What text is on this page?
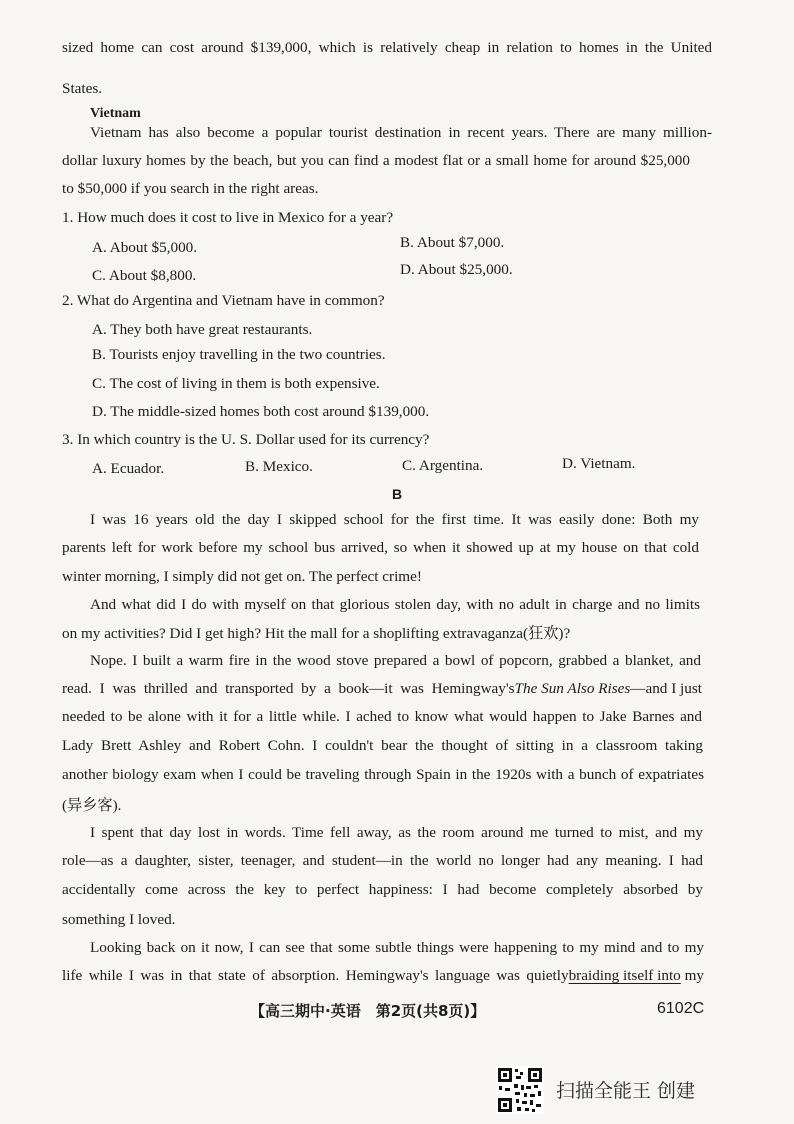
sized home can cost around $139,000, which is relatively cheap in relation to homes in the United
States.
Vietnam
Vietnam has also become a popular tourist destination in recent years. There are many million-
dollar luxury homes by the beach, but you can find a modest flat or a small home for around $25,000
to $50,000 if you search in the right areas.
1. How much does it cost to live in Mexico for a year?
A. About $5,000.	B. About $7,000.
C. About $8,800.	D. About $25,000.
2. What do Argentina and Vietnam have in common?
A. They both have great restaurants.
B. Tourists enjoy travelling in the two countries.
C. The cost of living in them is both expensive.
D. The middle-sized homes both cost around $139,000.
3. In which country is the U. S. Dollar used for its currency?
A. Ecuador.	B. Mexico.	C. Argentina.	D. Vietnam.
B
I was 16 years old the day I skipped school for the first time. It was easily done: Both my
parents left for work before my school bus arrived, so when it showed up at my house on that cold
winter morning, I simply did not get on. The perfect crime!
And what did I do with myself on that glorious stolen day, with no adult in charge and no limits
on my activities? Did I get high? Hit the mall for a shoplifting extravaganza(狂欢)?
Nope. I built a warm fire in the wood stove prepared a bowl of popcorn, grabbed a blanket, and
read. I was thrilled and transported by a book—it was Hemingway's The Sun Also Rises —and I just
needed to be alone with it for a little while. I ached to know what would happen to Jake Barnes and
Lady Brett Ashley and Robert Cohn. I couldn't bear the thought of sitting in a classroom taking
another biology exam when I could be traveling through Spain in the 1920s with a bunch of expatriates
(异乡客).
I spent that day lost in words. Time fell away, as the room around me turned to mist, and my
role—as a daughter, sister, teenager, and student—in the world no longer had any meaning. I had
accidentally come across the key to perfect happiness: I had become completely absorbed by
something I loved.
Looking back on it now, I can see that some subtle things were happening to my mind and to my
life while I was in that state of absorption. Hemingway's language was quietly braiding itself into my
【高三期中·英语　第2页(共8页)】	6102C
扫描全能王 创建
